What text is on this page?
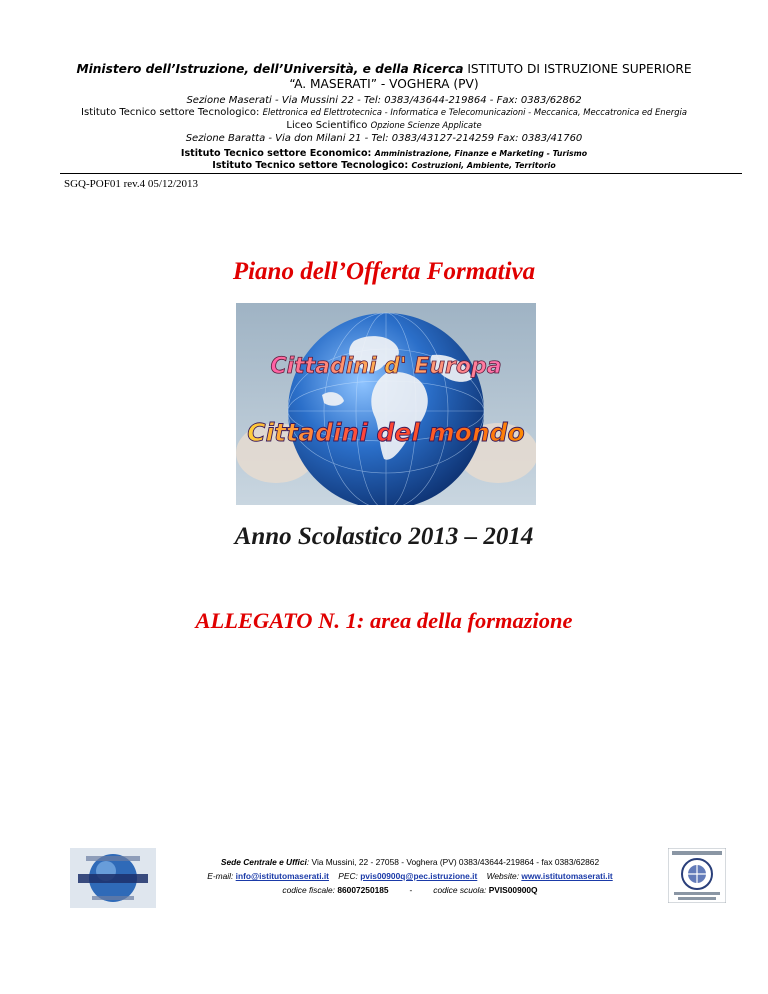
Ministero dell’Istruzione, dell’Università, e della Ricerca ISTITUTO DI ISTRUZIONE SUPERIORE
“A. MASERATI” - VOGHERA (PV)
Sezione Maserati - Via Mussini 22 - Tel: 0383/43644-219864 - Fax: 0383/62862
Istituto Tecnico settore Tecnologico: Elettronica ed Elettrotecnica - Informatica e Telecomunicazioni - Meccanica, Meccatronica ed Energia
Liceo Scientifico Opzione Scienze Applicate
Sezione Baratta - Via don Milani 21 - Tel: 0383/43127-214259 Fax: 0383/41760
Istituto Tecnico settore Economico: Amministrazione, Finanze e Marketing - Turismo
Istituto Tecnico settore Tecnologico: Costruzioni, Ambiente, Territorio
SGQ-POF01 rev.4 05/12/2013
Piano dell’Offerta Formativa
Cittadini d' Europa
Cittadini del mondo
Anno Scolastico 2013 – 2014
ALLEGATO N. 1: area della formazione
Sede Centrale e Uffici: Via Mussini, 22 - 27058 - Voghera (PV) 0383/43644-219864 - fax 0383/62862
E-mail: info@istitutomaserati.it PEC: pvis00900q@pec.istruzione.it Website: www.istitutomaserati.it
codice fiscale: 86007250185         -         codice scuola: PVIS00900Q
